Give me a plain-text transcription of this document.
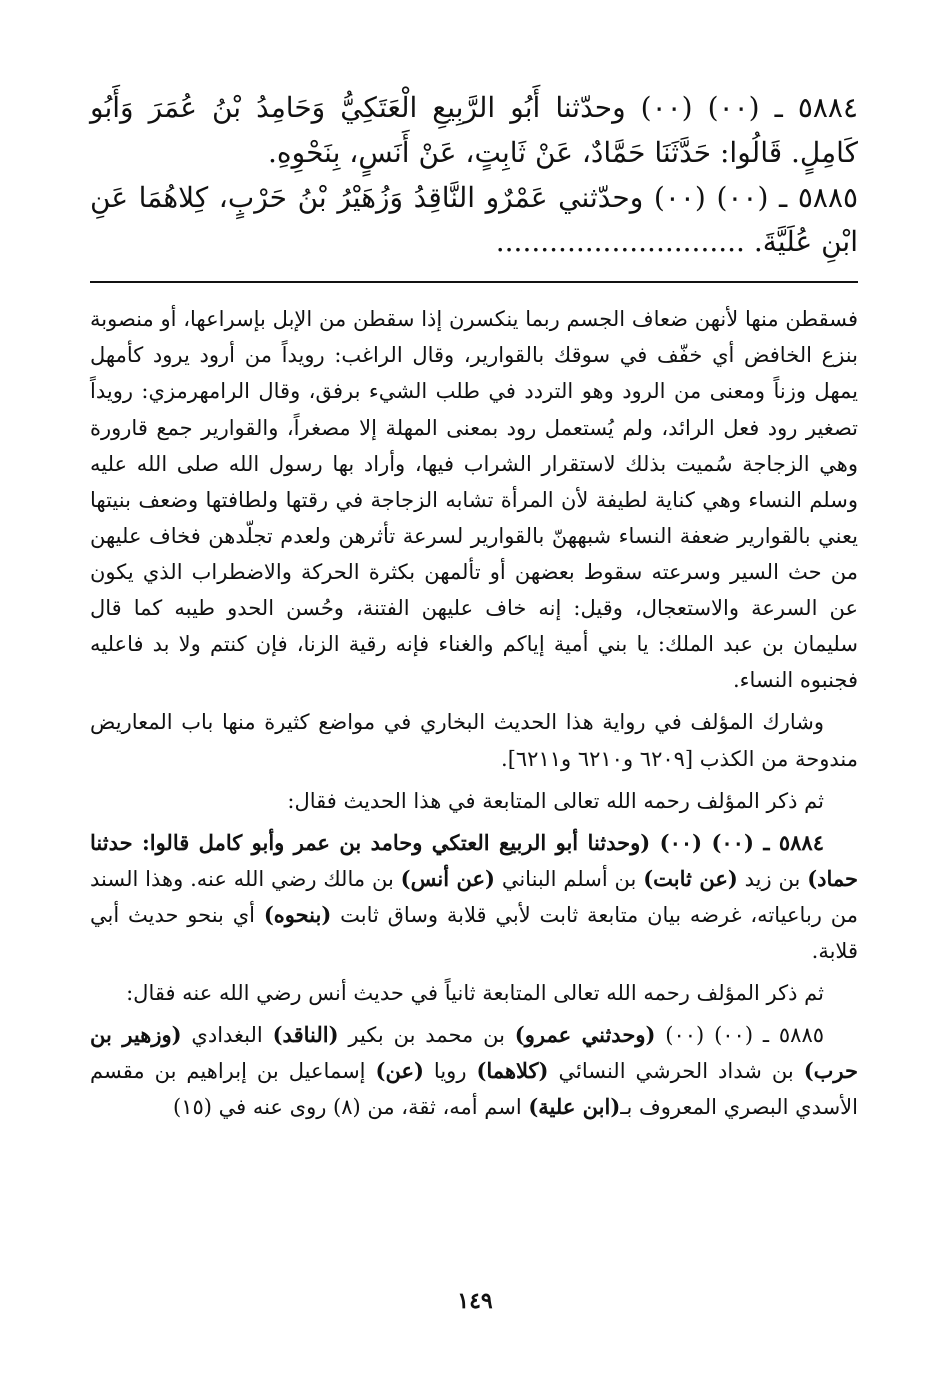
٥٨٨٤ ـ (٠٠) (٠٠) وحدّثنا أَبُو الرَّبِيعِ الْعَتَكِيُّ وَحَامِدُ بْنُ عُمَرَ وَأَبُو كَامِلٍ. قَالُوا: حَدَّثَنَا حَمَّادٌ، عَنْ ثَابِتٍ، عَنْ أَنَسٍ، بِنَحْوِهِ.

٥٨٨٥ ـ (٠٠) (٠٠) وحدّثني عَمْرٌو النَّاقِدُ وَزُهَيْرُ بْنُ حَرْبٍ، كِلاهُمَا عَنِ ابْنِ عُلَيَّةَ. ............................

فسقطن منها لأنهن ضعاف الجسم ربما ينكسرن إذا سقطن من الإبل بإسراعها، أو منصوبة بنزع الخافض أي خفّف في سوقك بالقوارير، وقال الراغب: رويداً من أرود يرود كأمهل يمهل وزناً ومعنى من الرود وهو التردد في طلب الشيء برفق، وقال الرامهرمزي: رويداً تصغير رود فعل الرائد، ولم يُستعمل رود بمعنى المهلة إلا مصغراً، والقوارير جمع قارورة وهي الزجاجة سُميت بذلك لاستقرار الشراب فيها، وأراد بها رسول الله صلى الله عليه وسلم النساء وهي كناية لطيفة لأن المرأة تشابه الزجاجة في رقتها ولطافتها وضعف بنيتها يعني بالقوارير ضعفة النساء شبههنّ بالقوارير لسرعة تأثرهن ولعدم تجلّدهن فخاف عليهن من حث السير وسرعته سقوط بعضهن أو تألمهن بكثرة الحركة والاضطراب الذي يكون عن السرعة والاستعجال، وقيل: إنه خاف عليهن الفتنة، وحُسن الحدو طيبه كما قال سليمان بن عبد الملك: يا بني أمية إياكم والغناء فإنه رقية الزنا، فإن كنتم ولا بد فاعليه فجنبوه النساء.

وشارك المؤلف في رواية هذا الحديث البخاري في مواضع كثيرة منها باب المعاريض مندوحة من الكذب [٦٢٠٩ و٦٢١٠ و٦٢١١].

ثم ذكر المؤلف رحمه الله تعالى المتابعة في هذا الحديث فقال:

٥٨٨٤ ـ (٠٠) (٠٠) (وحدثنا أبو الربيع العتكي وحامد بن عمر وأبو كامل قالوا: حدثنا حماد) بن زيد (عن ثابت) بن أسلم البناني (عن أنس) بن مالك رضي الله عنه. وهذا السند من رباعياته، غرضه بيان متابعة ثابت لأبي قلابة وساق ثابت (بنحوه) أي بنحو حديث أبي قلابة.

ثم ذكر المؤلف رحمه الله تعالى المتابعة ثانياً في حديث أنس رضي الله عنه فقال:

٥٨٨٥ ـ (٠٠) (٠٠) (وحدثني عمرو) بن محمد بن بكير (الناقد) البغدادي (وزهير بن حرب) بن شداد الحرشي النسائي (كلاهما) رويا (عن) إسماعيل بن إبراهيم بن مقسم الأسدي البصري المعروف بـ(ابن علية) اسم أمه، ثقة، من (٨) روى عنه في (١٥)

١٤٩
